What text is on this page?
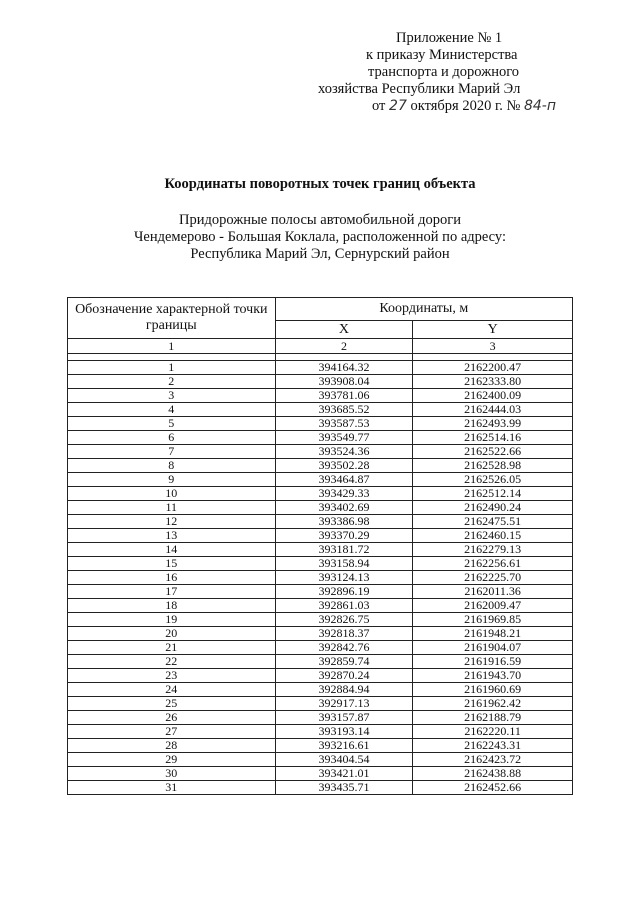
Приложение № 1
к приказу Министерства
транспорта и дорожного
хозяйства Республики Марий Эл
от 27 октября 2020 г. № 84-п
Координаты поворотных точек границ объекта
Придорожные полосы автомобильной дороги
Чендемерово - Большая Коклала, расположенной по адресу:
Республика Марий Эл, Сернурский район
Обозначение характерной точки границы	Координаты, м	
	X	Y
1	2	3

1	394164.32	2162200.47
2	393908.04	2162333.80
3	393781.06	2162400.09
4	393685.52	2162444.03
5	393587.53	2162493.99
6	393549.77	2162514.16
7	393524.36	2162522.66
8	393502.28	2162528.98
9	393464.87	2162526.05
10	393429.33	2162512.14
11	393402.69	2162490.24
12	393386.98	2162475.51
13	393370.29	2162460.15
14	393181.72	2162279.13
15	393158.94	2162256.61
16	393124.13	2162225.70
17	392896.19	2162011.36
18	392861.03	2162009.47
19	392826.75	2161969.85
20	392818.37	2161948.21
21	392842.76	2161904.07
22	392859.74	2161916.59
23	392870.24	2161943.70
24	392884.94	2161960.69
25	392917.13	2161962.42
26	393157.87	2162188.79
27	393193.14	2162220.11
28	393216.61	2162243.31
29	393404.54	2162423.72
30	393421.01	2162438.88
31	393435.71	2162452.66
